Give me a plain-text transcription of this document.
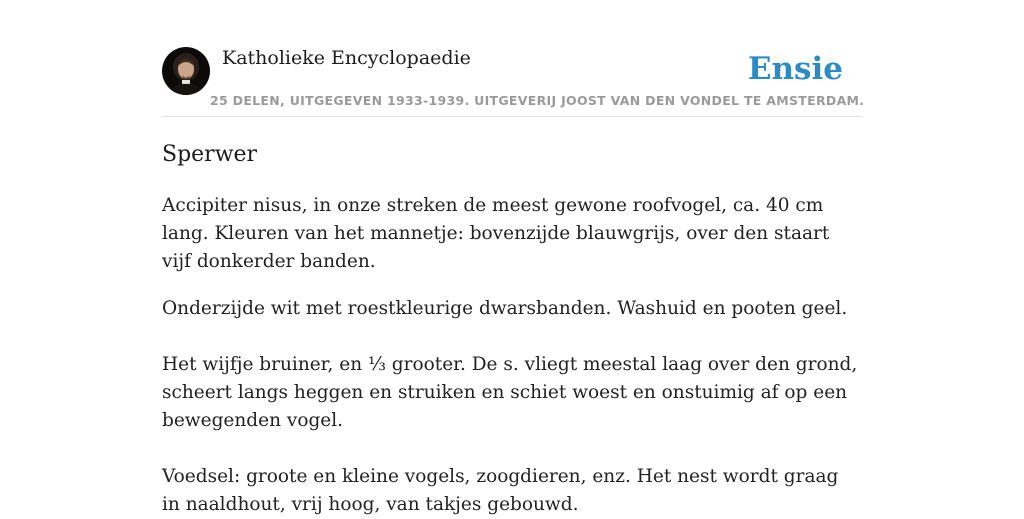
Katholieke Encyclopaedie
25 DELEN, UITGEGEVEN 1933-1939. UITGEVERIJ JOOST VAN DEN VONDEL TE AMSTERDAM.
Ensie
Sperwer

Accipiter nisus, in onze streken de meest gewone roofvogel, ca. 40 cm lang. Kleuren van het mannetje: bovenzijde blauwgrijs, over den staart vijf donkerder banden.

Onderzijde wit met roestkleurige dwarsbanden. Washuid en pooten geel.

Het wijfje bruiner, en ⅓ grooter. De s. vliegt meestal laag over den grond, scheert langs heggen en struiken en schiet woest en onstuimig af op een bewegenden vogel.

Voedsel: groote en kleine vogels, zoogdieren, enz. Het nest wordt graag in naaldhout, vrij hoog, van takjes gebouwd.
